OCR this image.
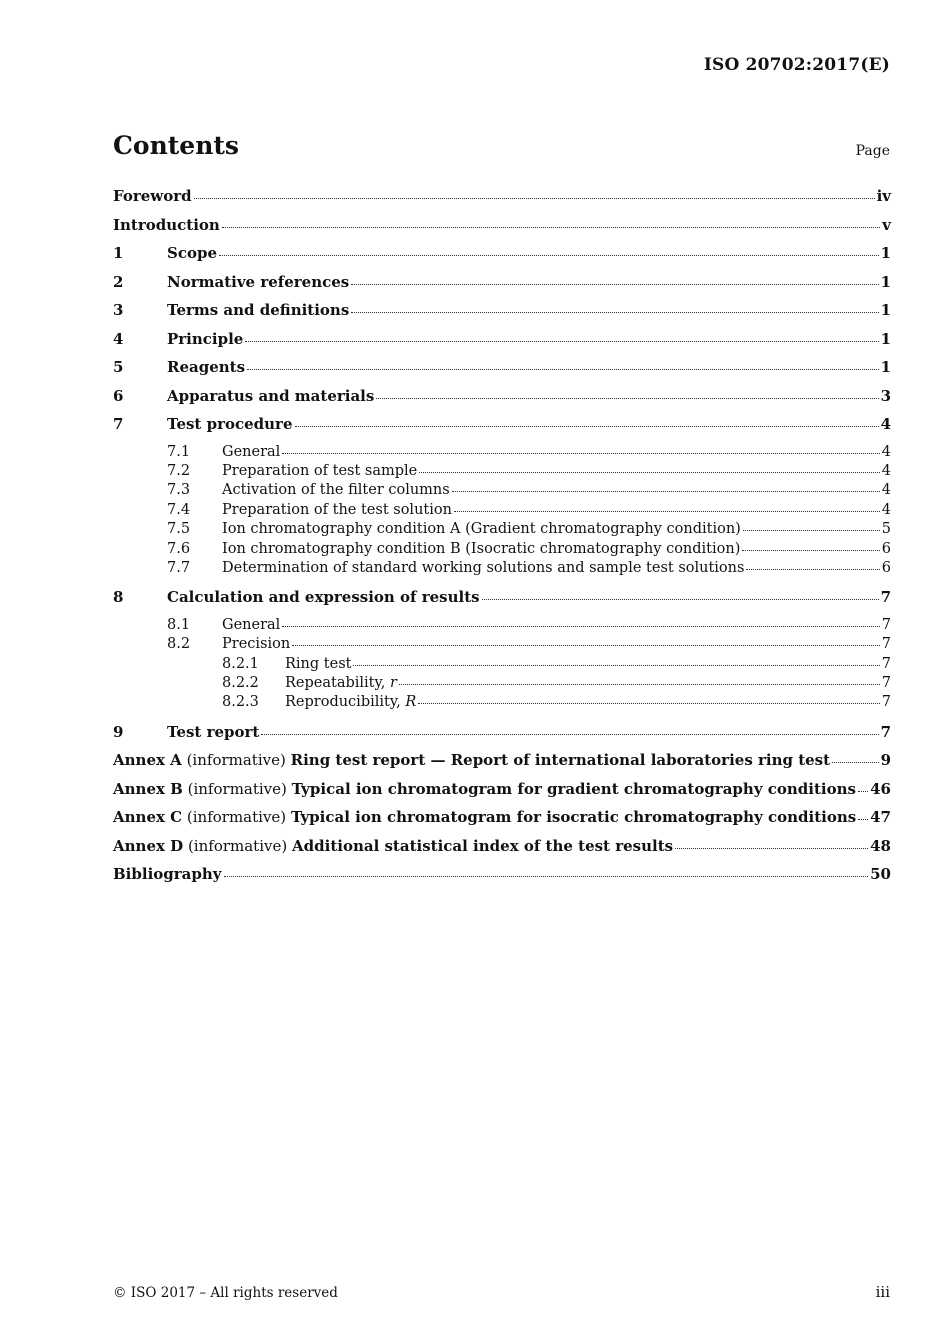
ISO 20702:2017(E)
Contents	Page
Foreword	iv
Introduction	v
1	Scope	1
2	Normative references	1
3	Terms and definitions	1
4	Principle	1
5	Reagents	1
6	Apparatus and materials	3
7	Test procedure	4
7.1	General	4
7.2	Preparation of test sample	4
7.3	Activation of the filter columns	4
7.4	Preparation of the test solution	4
7.5	Ion chromatography condition A (Gradient chromatography condition)	5
7.6	Ion chromatography condition B (Isocratic chromatography condition)	6
7.7	Determination of standard working solutions and sample test solutions	6
8	Calculation and expression of results	7
8.1	General	7
8.2	Precision	7
8.2.1	Ring test	7
8.2.2	Repeatability, r	7
8.2.3	Reproducibility, R	7
9	Test report	7
Annex A (informative) Ring test report — Report of international laboratories ring test	9
Annex B (informative) Typical ion chromatogram for gradient chromatography conditions 46
Annex C (informative) Typical ion chromatogram for isocratic chromatography conditions 47
Annex D (informative) Additional statistical index of the test results	48
Bibliography	50
© ISO 2017 – All rights reserved	iii
